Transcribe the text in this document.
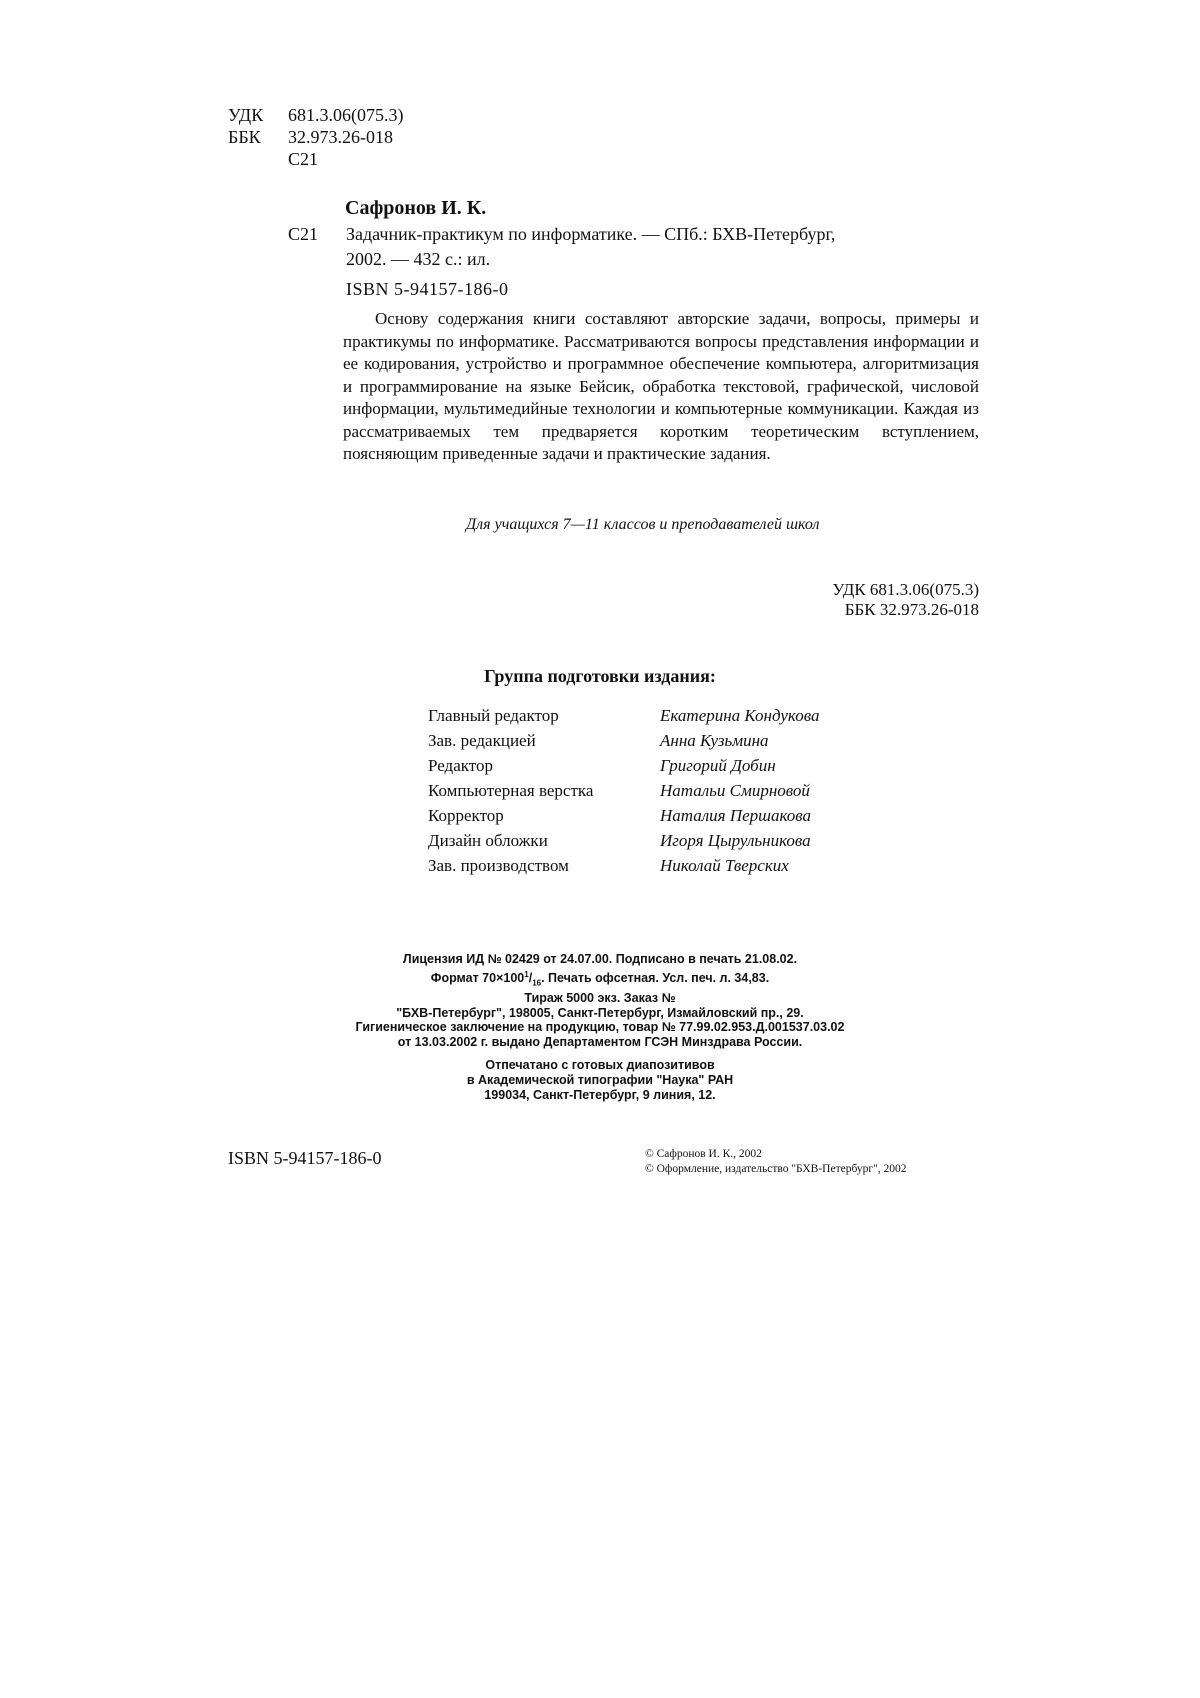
УДК	681.3.06(075.3)
ББК	32.973.26-018
С21
Сафронов И. К.
С21 Задачник-практикум по информатике. — СПб.: БХВ-Петербург,
2002. — 432 с.: ил.
ISBN 5-94157-186-0
Основу содержания книги составляют авторские задачи, вопросы, примеры и практикумы по информатике. Рассматриваются вопросы представления информации и ее кодирования, устройство и программное обеспечение компьютера, алгоритмизация и программирование на языке Бейсик, обработка текстовой, графической, числовой информации, мультимедийные технологии и компьютерные коммуникации. Каждая из рассматриваемых тем предваряется коротким теоретическим вступлением, поясняющим приведенные задачи и практические задания.
Для учащихся 7—11 классов и преподавателей школ
УДК 681.3.06(075.3)
ББК 32.973.26-018
Группа подготовки издания:
Главный редактор	Екатерина Кондукова
Зав. редакцией	Анна Кузьмина
Редактор	Григорий Добин
Компьютерная верстка	Натальи Смирновой
Корректор	Наталия Першакова
Дизайн обложки	Игоря Цырульникова
Зав. производством	Николай Тверских
Лицензия ИД № 02429 от 24.07.00. Подписано в печать 21.08.02.
Формат $70\times 100^1/_{16}$. Печать офсетная. Усл. печ. л. 34,83.
Тираж 5000 экз. Заказ №
"БХВ-Петербург", 198005, Санкт-Петербург, Измайловский пр., 29.
Гигиеническое заключение на продукцию, товар № 77.99.02.953.Д.001537.03.02
от 13.03.2002 г. выдано Департаментом ГСЭН Минздрава России.
Отпечатано с готовых диапозитивов
в Академической типографии "Наука" РАН
199034, Санкт-Петербург, 9 линия, 12.
ISBN 5-94157-186-0	© Сафронов И. К., 2002
© Оформление, издательство "БХВ-Петербург", 2002
